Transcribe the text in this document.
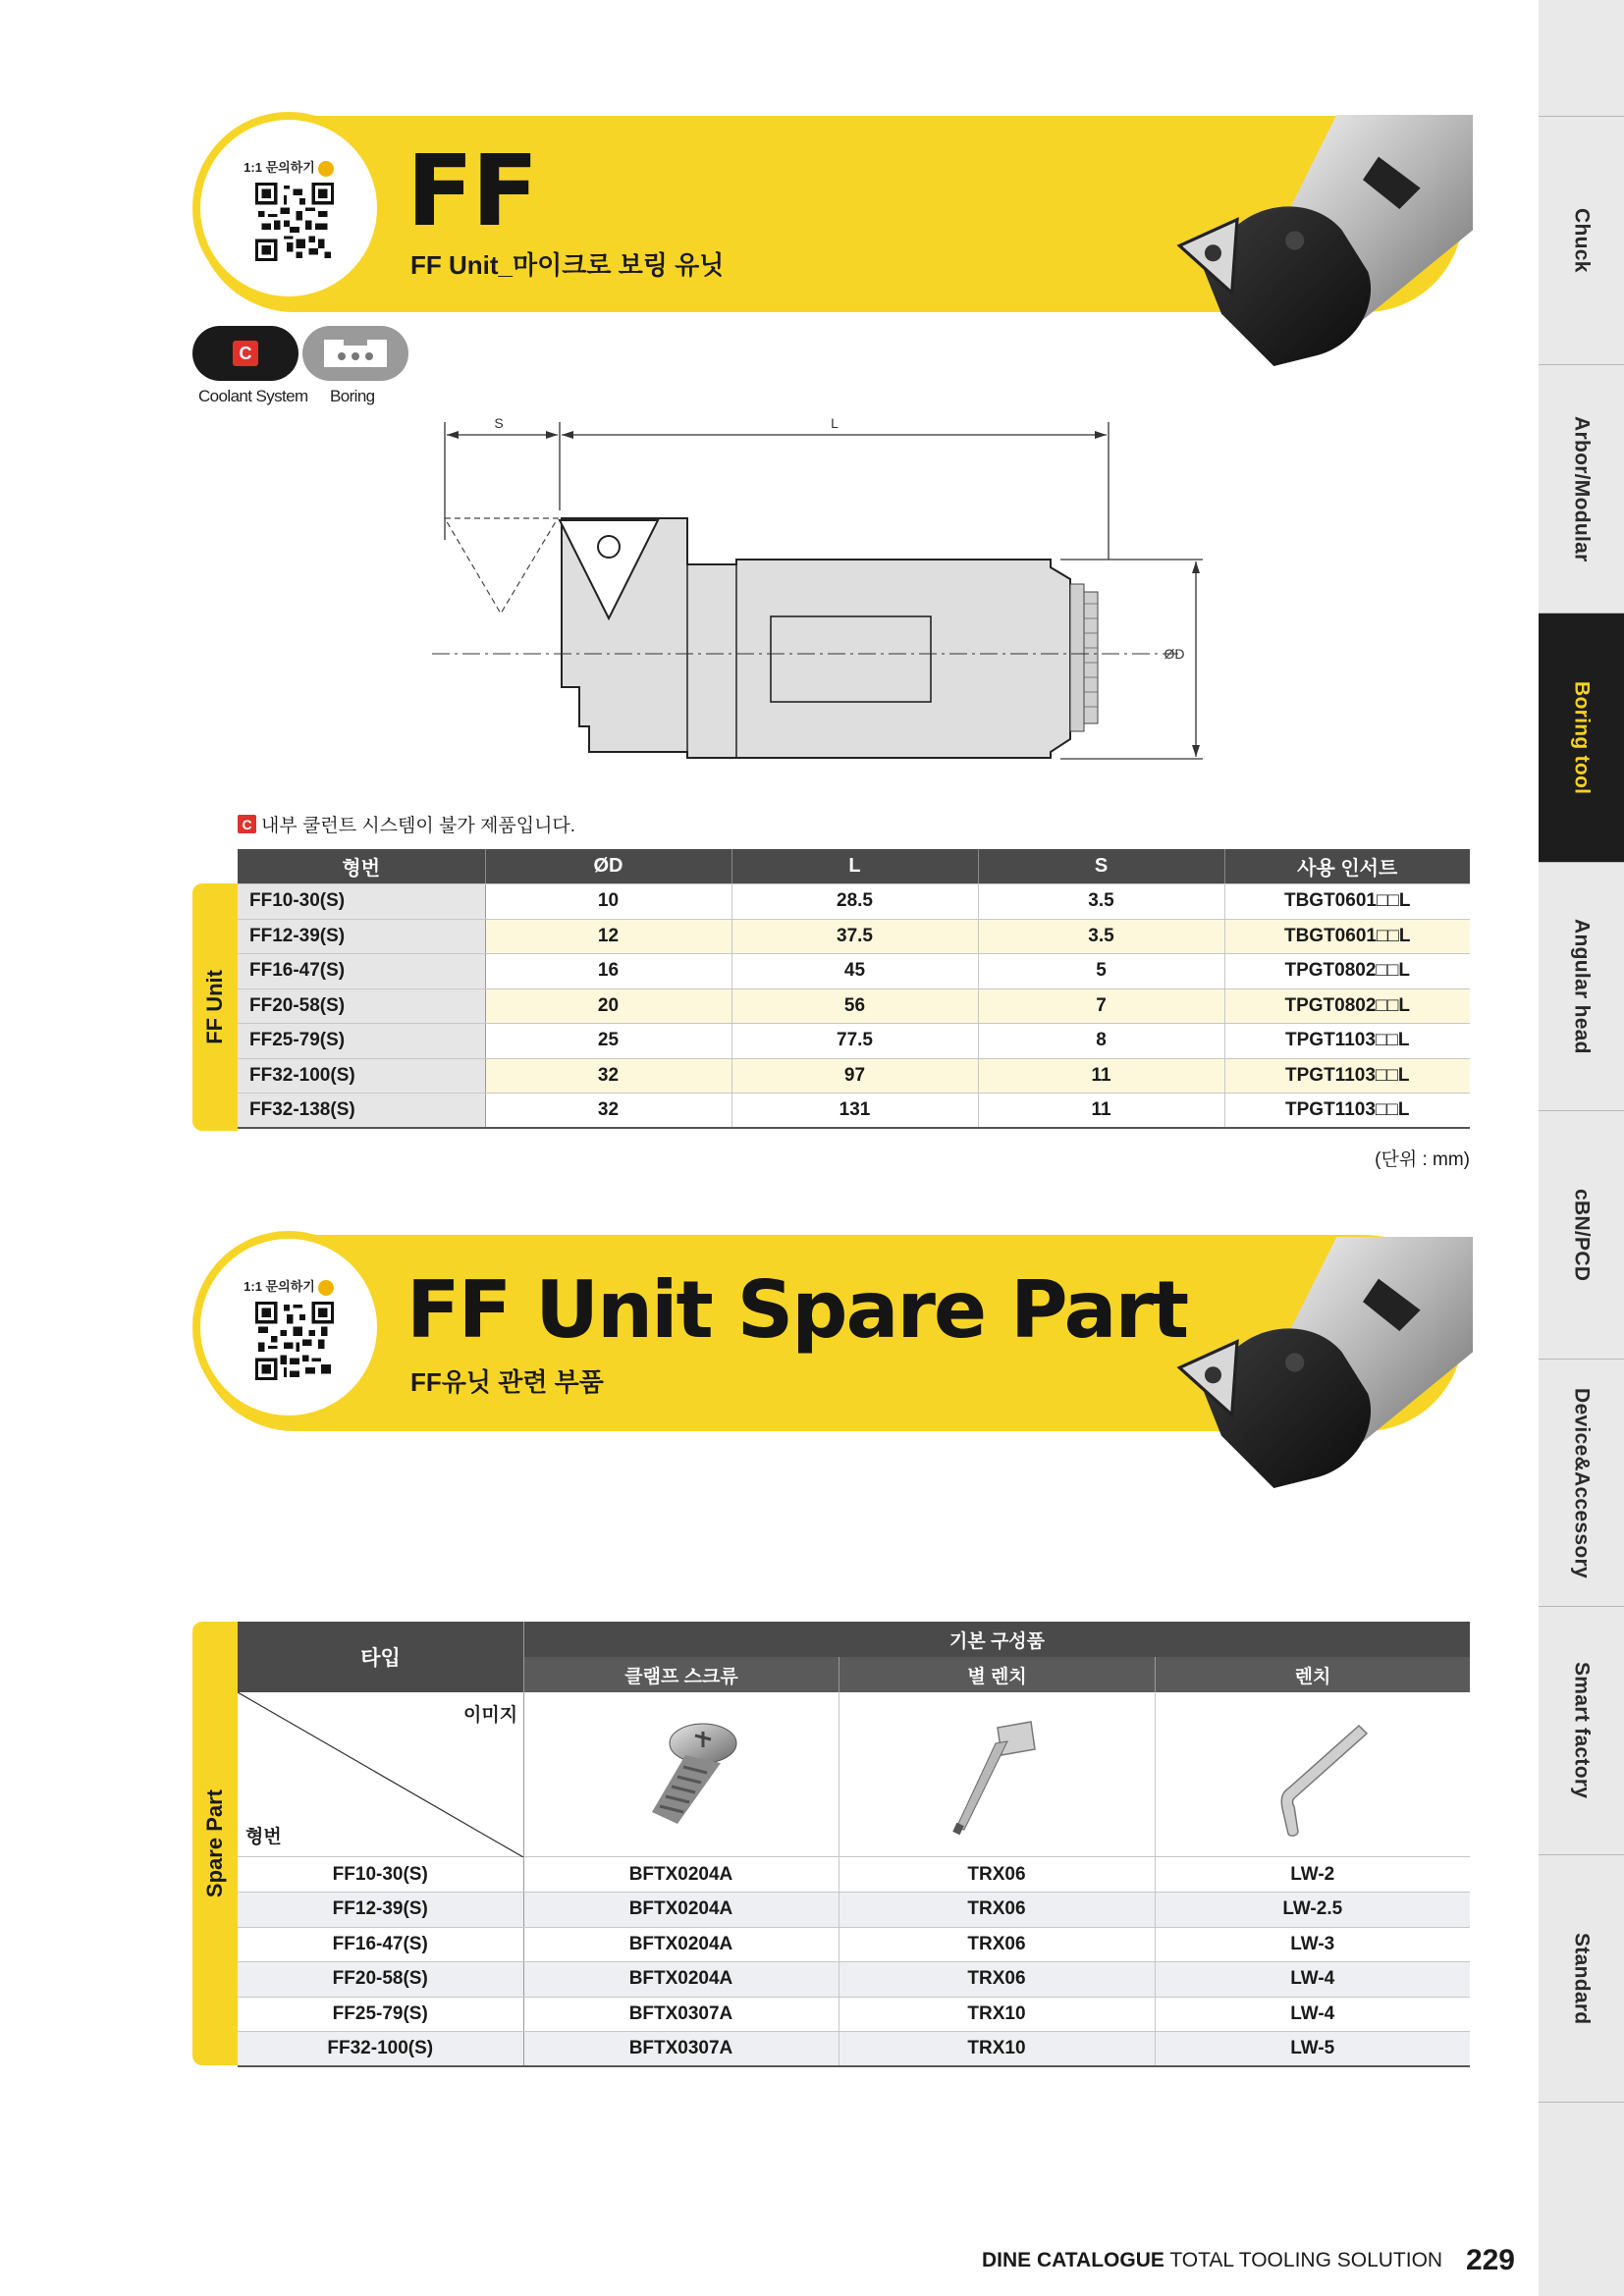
Chuck
Arbor/Modular
Boring tool
Angular head
cBN/PCD
Device&Accessory
Smart factory
Standard
FF
FF Unit_마이크로 보링 유닛
1:1 문의하기
C
Coolant System Boring
S	L
ØD
C 내부 쿨런트 시스템이 불가 제품입니다.
FF Unit
형번	ØD	L	S	사용 인서트
FF10-30(S)	10	28.5	3.5	TBGT0601□□L
FF12-39(S)	12	37.5	3.5	TBGT0601□□L
FF16-47(S)	16	45	5	TPGT0802□□L
FF20-58(S)	20	56	7	TPGT0802□□L
FF25-79(S)	25	77.5	8	TPGT1103□□L
FF32-100(S)	32	97	11	TPGT1103□□L
FF32-138(S)	32	131	11	TPGT1103□□L
(단위 : mm)
FF Unit Spare Part
FF유닛 관련 부품
1:1 문의하기
Spare Part
타입
기본 구성품
클램프 스크류	별 렌치	렌치
이미지
형번
FF10-30(S)	BFTX0204A	TRX06	LW-2
FF12-39(S)	BFTX0204A	TRX06	LW-2.5
FF16-47(S)	BFTX0204A	TRX06	LW-3
FF20-58(S)	BFTX0204A	TRX06	LW-4
FF25-79(S)	BFTX0307A	TRX10	LW-4
FF32-100(S)	BFTX0307A	TRX10	LW-5
DINE CATALOGUE TOTAL TOOLING SOLUTION 229
